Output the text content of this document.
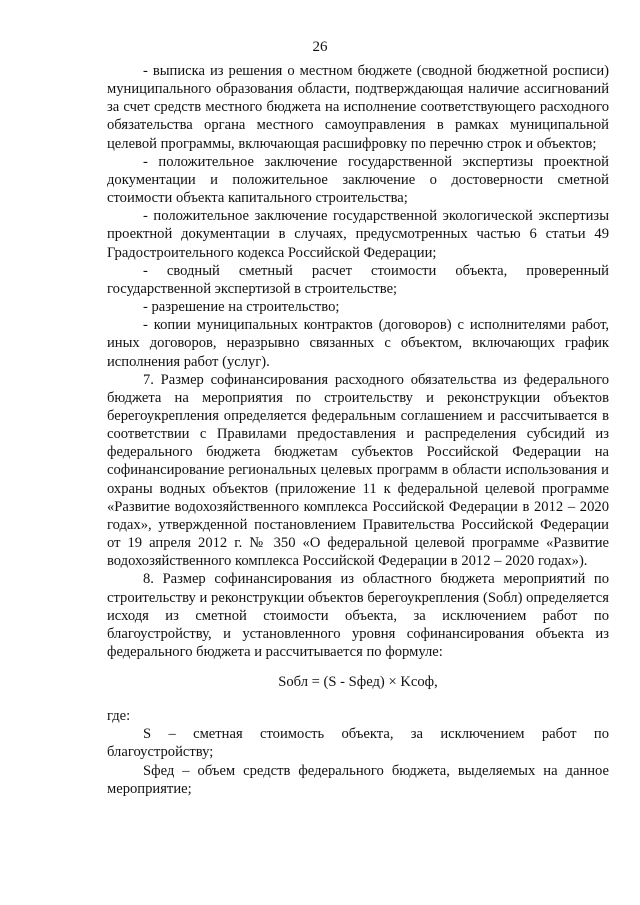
26

- выписка из решения о местном бюджете (сводной бюджетной росписи) муниципального образования области, подтверждающая наличие ассигнований за счет средств местного бюджета на исполнение соответствующего расходного обязательства органа местного самоуправления в рамках муниципальной целевой программы, включающая расшифровку по перечню строк и объектов;

- положительное заключение государственной экспертизы проектной документации и положительное заключение о достоверности сметной стоимости объекта капитального строительства;

- положительное заключение государственной экологической экспертизы проектной документации в случаях, предусмотренных частью 6 статьи 49 Градостроительного кодекса Российской Федерации;

- сводный сметный расчет стоимости объекта, проверенный государственной экспертизой в строительстве;

- разрешение на строительство;

- копии муниципальных контрактов (договоров) с исполнителями работ, иных договоров, неразрывно связанных с объектом, включающих график исполнения работ (услуг).

7. Размер софинансирования расходного обязательства из федерального бюджета на мероприятия по строительству и реконструкции объектов берегоукрепления определяется федеральным соглашением и рассчитывается в соответствии с Правилами предоставления и распределения субсидий из федерального бюджета бюджетам субъектов Российской Федерации на софинансирование региональных целевых программ в области использования и охраны водных объектов (приложение 11 к федеральной целевой программе «Развитие водохозяйственного комплекса Российской Федерации в 2012 – 2020 годах», утвержденной постановлением Правительства Российской Федерации от 19 апреля 2012 г. № 350 «О федеральной целевой программе «Развитие водохозяйственного комплекса Российской Федерации в 2012 – 2020 годах»).

8. Размер софинансирования из областного бюджета мероприятий по строительству и реконструкции объектов берегоукрепления (Sобл) определяется исходя из сметной стоимости объекта, за исключением работ по благоустройству, и установленного уровня софинансирования объекта из федерального бюджета и рассчитывается по формуле:

Sобл = (S - Sфед) × Kсоф,

где:

S – сметная стоимость объекта, за исключением работ по благоустройству;

Sфед – объем средств федерального бюджета, выделяемых на данное мероприятие;
